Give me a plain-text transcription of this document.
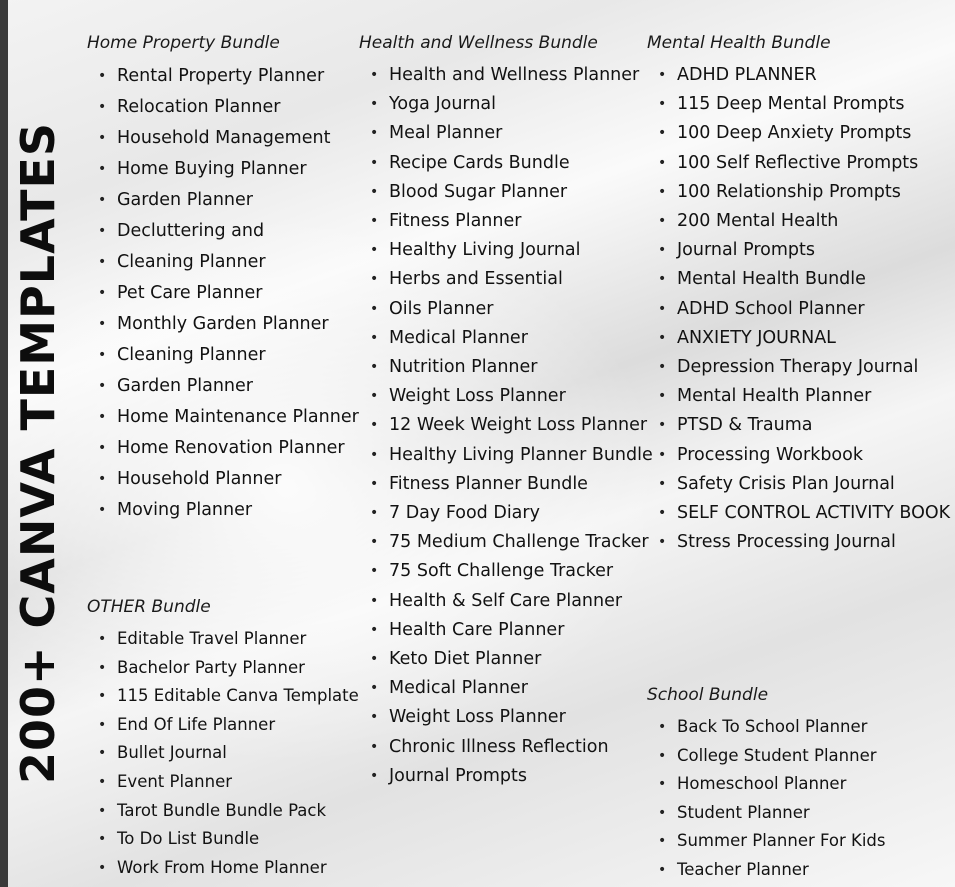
200+ CANVA TEMPLATES
Home Property Bundle
• Rental Property Planner
• Relocation Planner
• Household Management
• Home Buying Planner
• Garden Planner
• Decluttering and
• Cleaning Planner
• Pet Care Planner
• Monthly Garden Planner
• Cleaning Planner
• Garden Planner
• Home Maintenance Planner
• Home Renovation Planner
• Household Planner
• Moving Planner
OTHER Bundle
• Editable Travel Planner
• Bachelor Party Planner
• 115 Editable Canva Template
• End Of Life Planner
• Bullet Journal
• Event Planner
• Tarot Bundle Bundle Pack
• To Do List Bundle
• Work From Home Planner
Health and Wellness Bundle
• Health and Wellness Planner
• Yoga Journal
• Meal Planner
• Recipe Cards Bundle
• Blood Sugar Planner
• Fitness Planner
• Healthy Living Journal
• Herbs and Essential
• Oils Planner
• Medical Planner
• Nutrition Planner
• Weight Loss Planner
• 12 Week Weight Loss Planner
• Healthy Living Planner Bundle
• Fitness Planner Bundle
• 7 Day Food Diary
• 75 Medium Challenge Tracker
• 75 Soft Challenge Tracker
• Health & Self Care Planner
• Health Care Planner
• Keto Diet Planner
• Medical Planner
• Weight Loss Planner
• Chronic Illness Reflection
• Journal Prompts
Mental Health Bundle
• ADHD PLANNER
• 115 Deep Mental Prompts
• 100 Deep Anxiety Prompts
• 100 Self Reflective Prompts
• 100 Relationship Prompts
• 200 Mental Health
• Journal Prompts
• Mental Health Bundle
• ADHD School Planner
• ANXIETY JOURNAL
• Depression Therapy Journal
• Mental Health Planner
• PTSD & Trauma
• Processing Workbook
• Safety Crisis Plan Journal
• SELF CONTROL ACTIVITY BOOK
• Stress Processing Journal
School Bundle
• Back To School Planner
• College Student Planner
• Homeschool Planner
• Student Planner
• Summer Planner For Kids
• Teacher Planner
